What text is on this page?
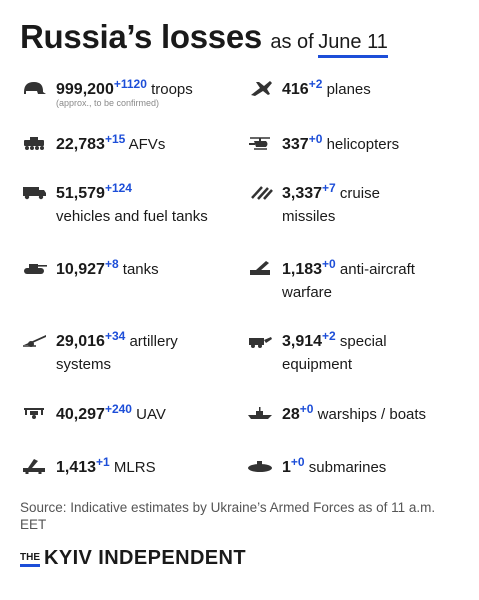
Russia’s losses as of June 11
$999,200^{+1120}$ troops
(approx., to be confirmed)
$22,783^{+15}$ AFVs
$51,579^{+124}$
vehicles and fuel tanks
$10,927^{+8}$ tanks
$29,016^{+34}$ artillery
systems
$40,297^{+240}$ UAV
$1,413^{+1}$ MLRS
$416^{+2}$ planes
$337^{+0}$ helicopters
$3,337^{+7}$ cruise
missiles
$1,183^{+0}$ anti-aircraft
warfare
$3,914^{+2}$ special
equipment
$28^{+0}$ warships / boats
$1^{+0}$ submarines
Source: Indicative estimates by Ukraine’s Armed Forces as of 11 a.m. EET
THE KYIV INDEPENDENT
